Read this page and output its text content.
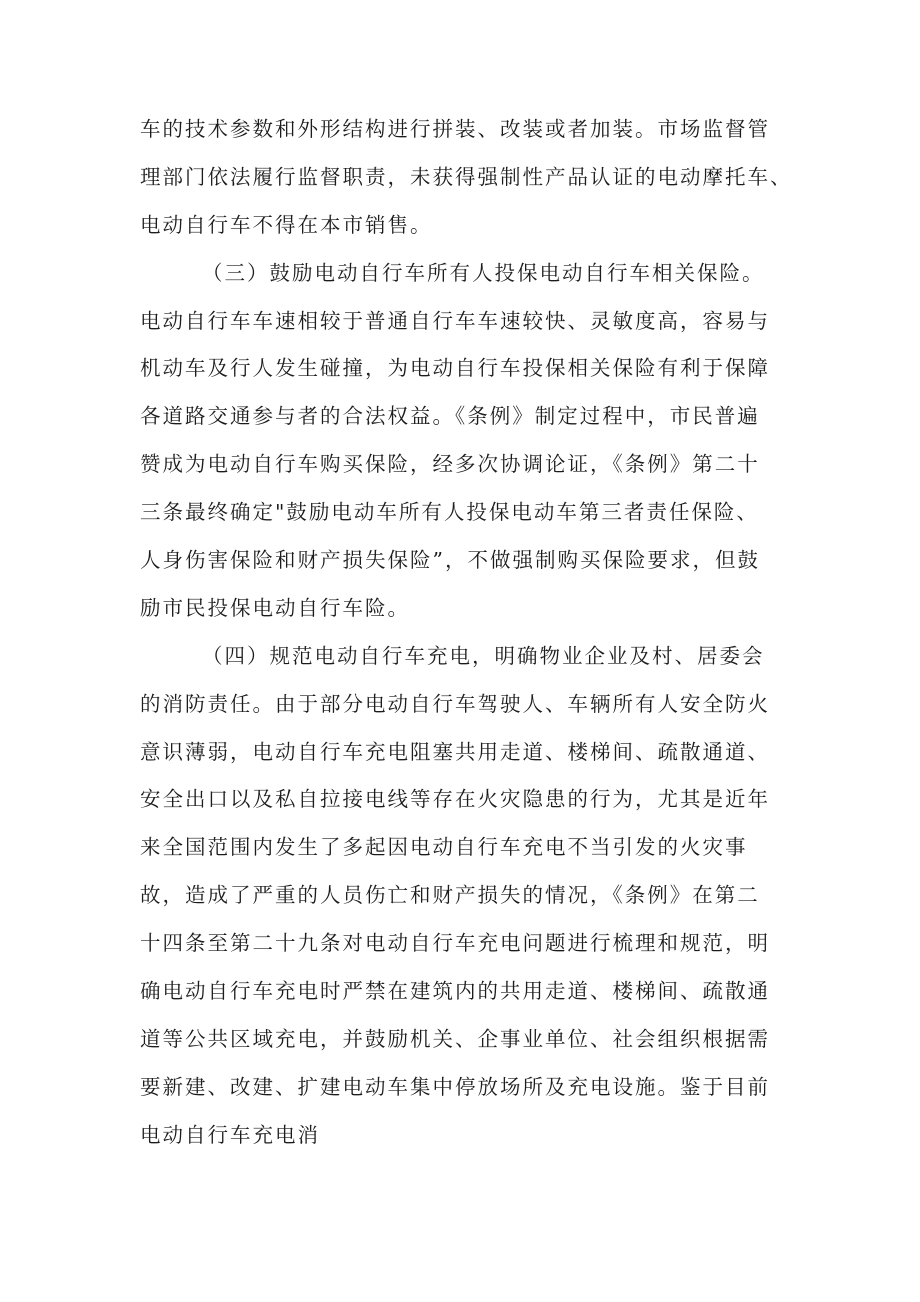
车的技术参数和外形结构进行拼装、改装或者加装。市场监督管
理部门依法履行监督职责，未获得强制性产品认证的电动摩托车、
电动自行车不得在本市销售。
（三）鼓励电动自行车所有人投保电动自行车相关保险。
电动自行车车速相较于普通自行车车速较快、灵敏度高，容易与
机动车及行人发生碰撞，为电动自行车投保相关保险有利于保障
各道路交通参与者的合法权益。《条例》制定过程中，市民普遍
赞成为电动自行车购买保险，经多次协调论证，《条例》第二十
三条最终确定"鼓励电动车所有人投保电动车第三者责任保险、
人身伤害保险和财产损失保险”，不做强制购买保险要求，但鼓
励市民投保电动自行车险。
（四）规范电动自行车充电，明确物业企业及村、居委会
的消防责任。由于部分电动自行车驾驶人、车辆所有人安全防火
意识薄弱，电动自行车充电阻塞共用走道、楼梯间、疏散通道、
安全出口以及私自拉接电线等存在火灾隐患的行为，尤其是近年
来全国范围内发生了多起因电动自行车充电不当引发的火灾事
故，造成了严重的人员伤亡和财产损失的情况，《条例》在第二
十四条至第二十九条对电动自行车充电问题进行梳理和规范，明
确电动自行车充电时严禁在建筑内的共用走道、楼梯间、疏散通
道等公共区域充电，并鼓励机关、企事业单位、社会组织根据需
要新建、改建、扩建电动车集中停放场所及充电设施。鉴于目前
电动自行车充电消
